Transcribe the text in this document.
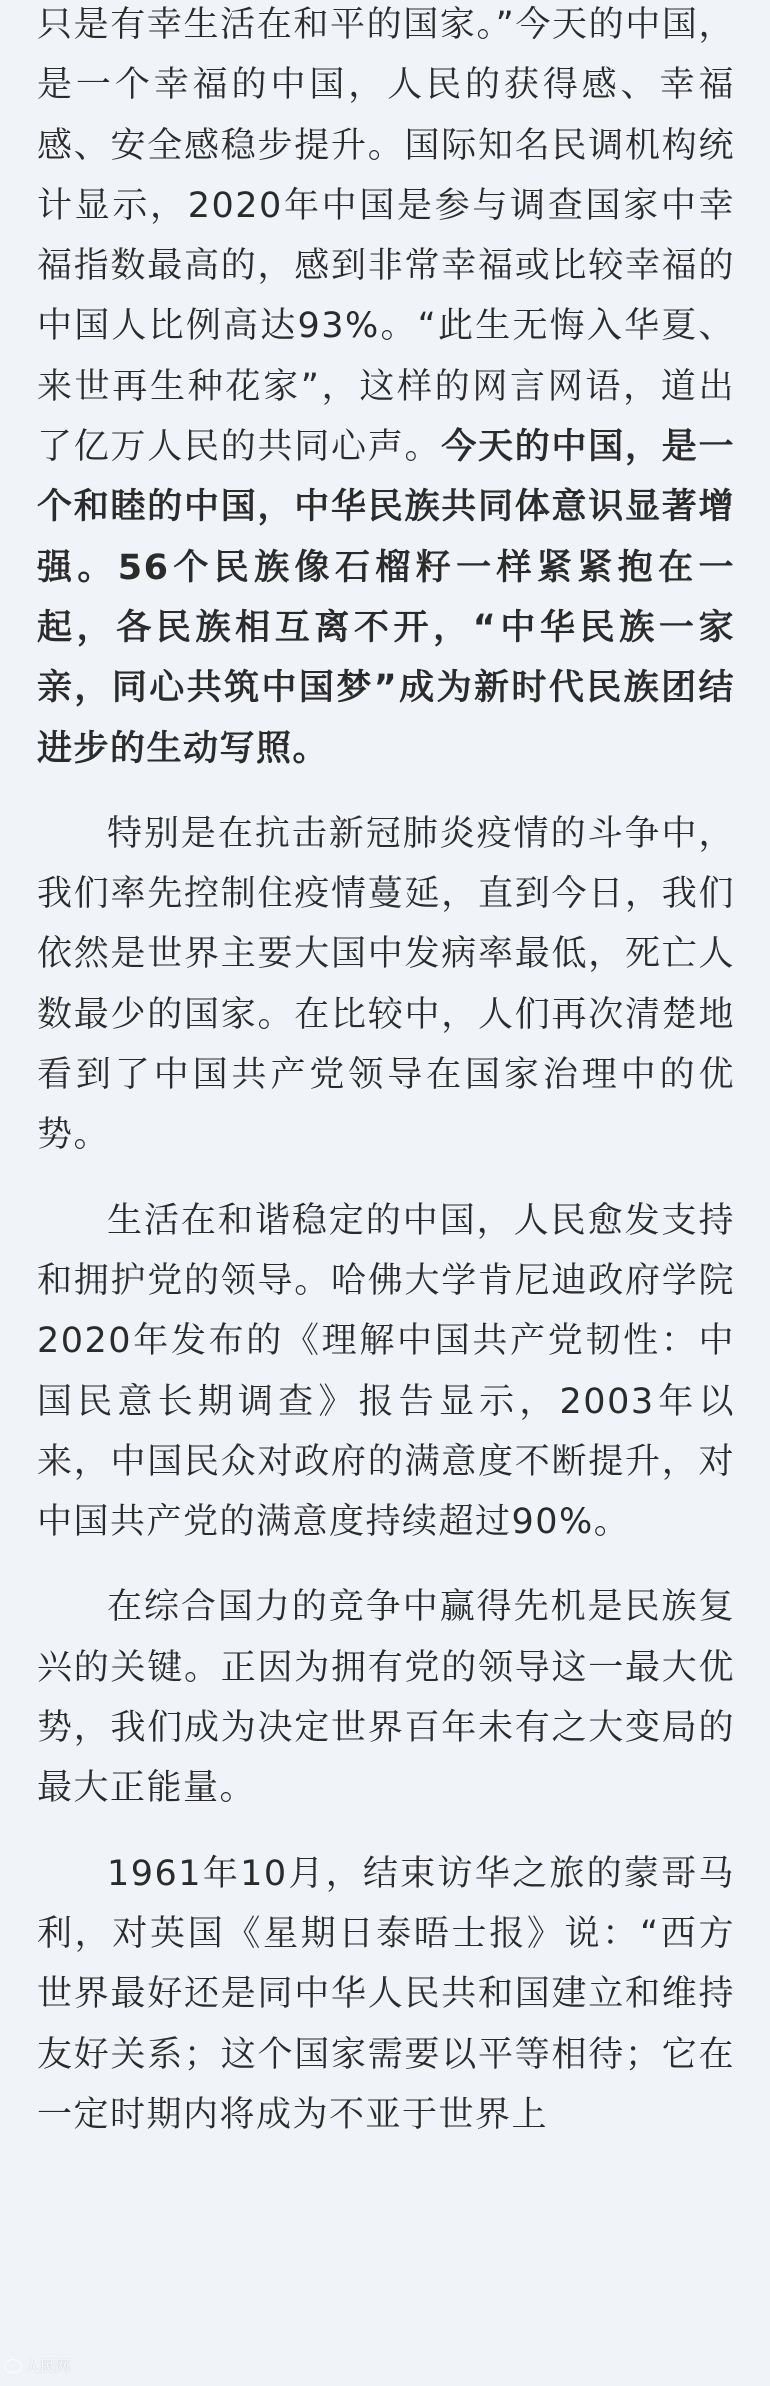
只是有幸生活在和平的国家。”今天的中国，是一个幸福的中国，人民的获得感、幸福感、安全感稳步提升。国际知名民调机构统计显示，2020年中国是参与调查国家中幸福指数最高的，感到非常幸福或比较幸福的中国人比例高达93%。“此生无悔入华夏、来世再生种花家”，这样的网言网语，道出了亿万人民的共同心声。今天的中国，是一个和睦的中国，中华民族共同体意识显著增强。56个民族像石榴籽一样紧紧抱在一起，各民族相互离不开，“中华民族一家亲，同心共筑中国梦”成为新时代民族团结进步的生动写照。

特别是在抗击新冠肺炎疫情的斗争中，我们率先控制住疫情蔓延，直到今日，我们依然是世界主要大国中发病率最低，死亡人数最少的国家。在比较中，人们再次清楚地看到了中国共产党领导在国家治理中的优势。

生活在和谐稳定的中国，人民愈发支持和拥护党的领导。哈佛大学肯尼迪政府学院2020年发布的《理解中国共产党韧性：中国民意长期调查》报告显示，2003年以来，中国民众对政府的满意度不断提升，对中国共产党的满意度持续超过90%。

在综合国力的竞争中赢得先机是民族复兴的关键。正因为拥有党的领导这一最大优势，我们成为决定世界百年未有之大变局的最大正能量。

1961年10月，结束访华之旅的蒙哥马利，对英国《星期日泰晤士报》说：“西方世界最好还是同中华人民共和国建立和维持友好关系；这个国家需要以平等相待；它在一定时期内将成为不亚于世界上

人民网
